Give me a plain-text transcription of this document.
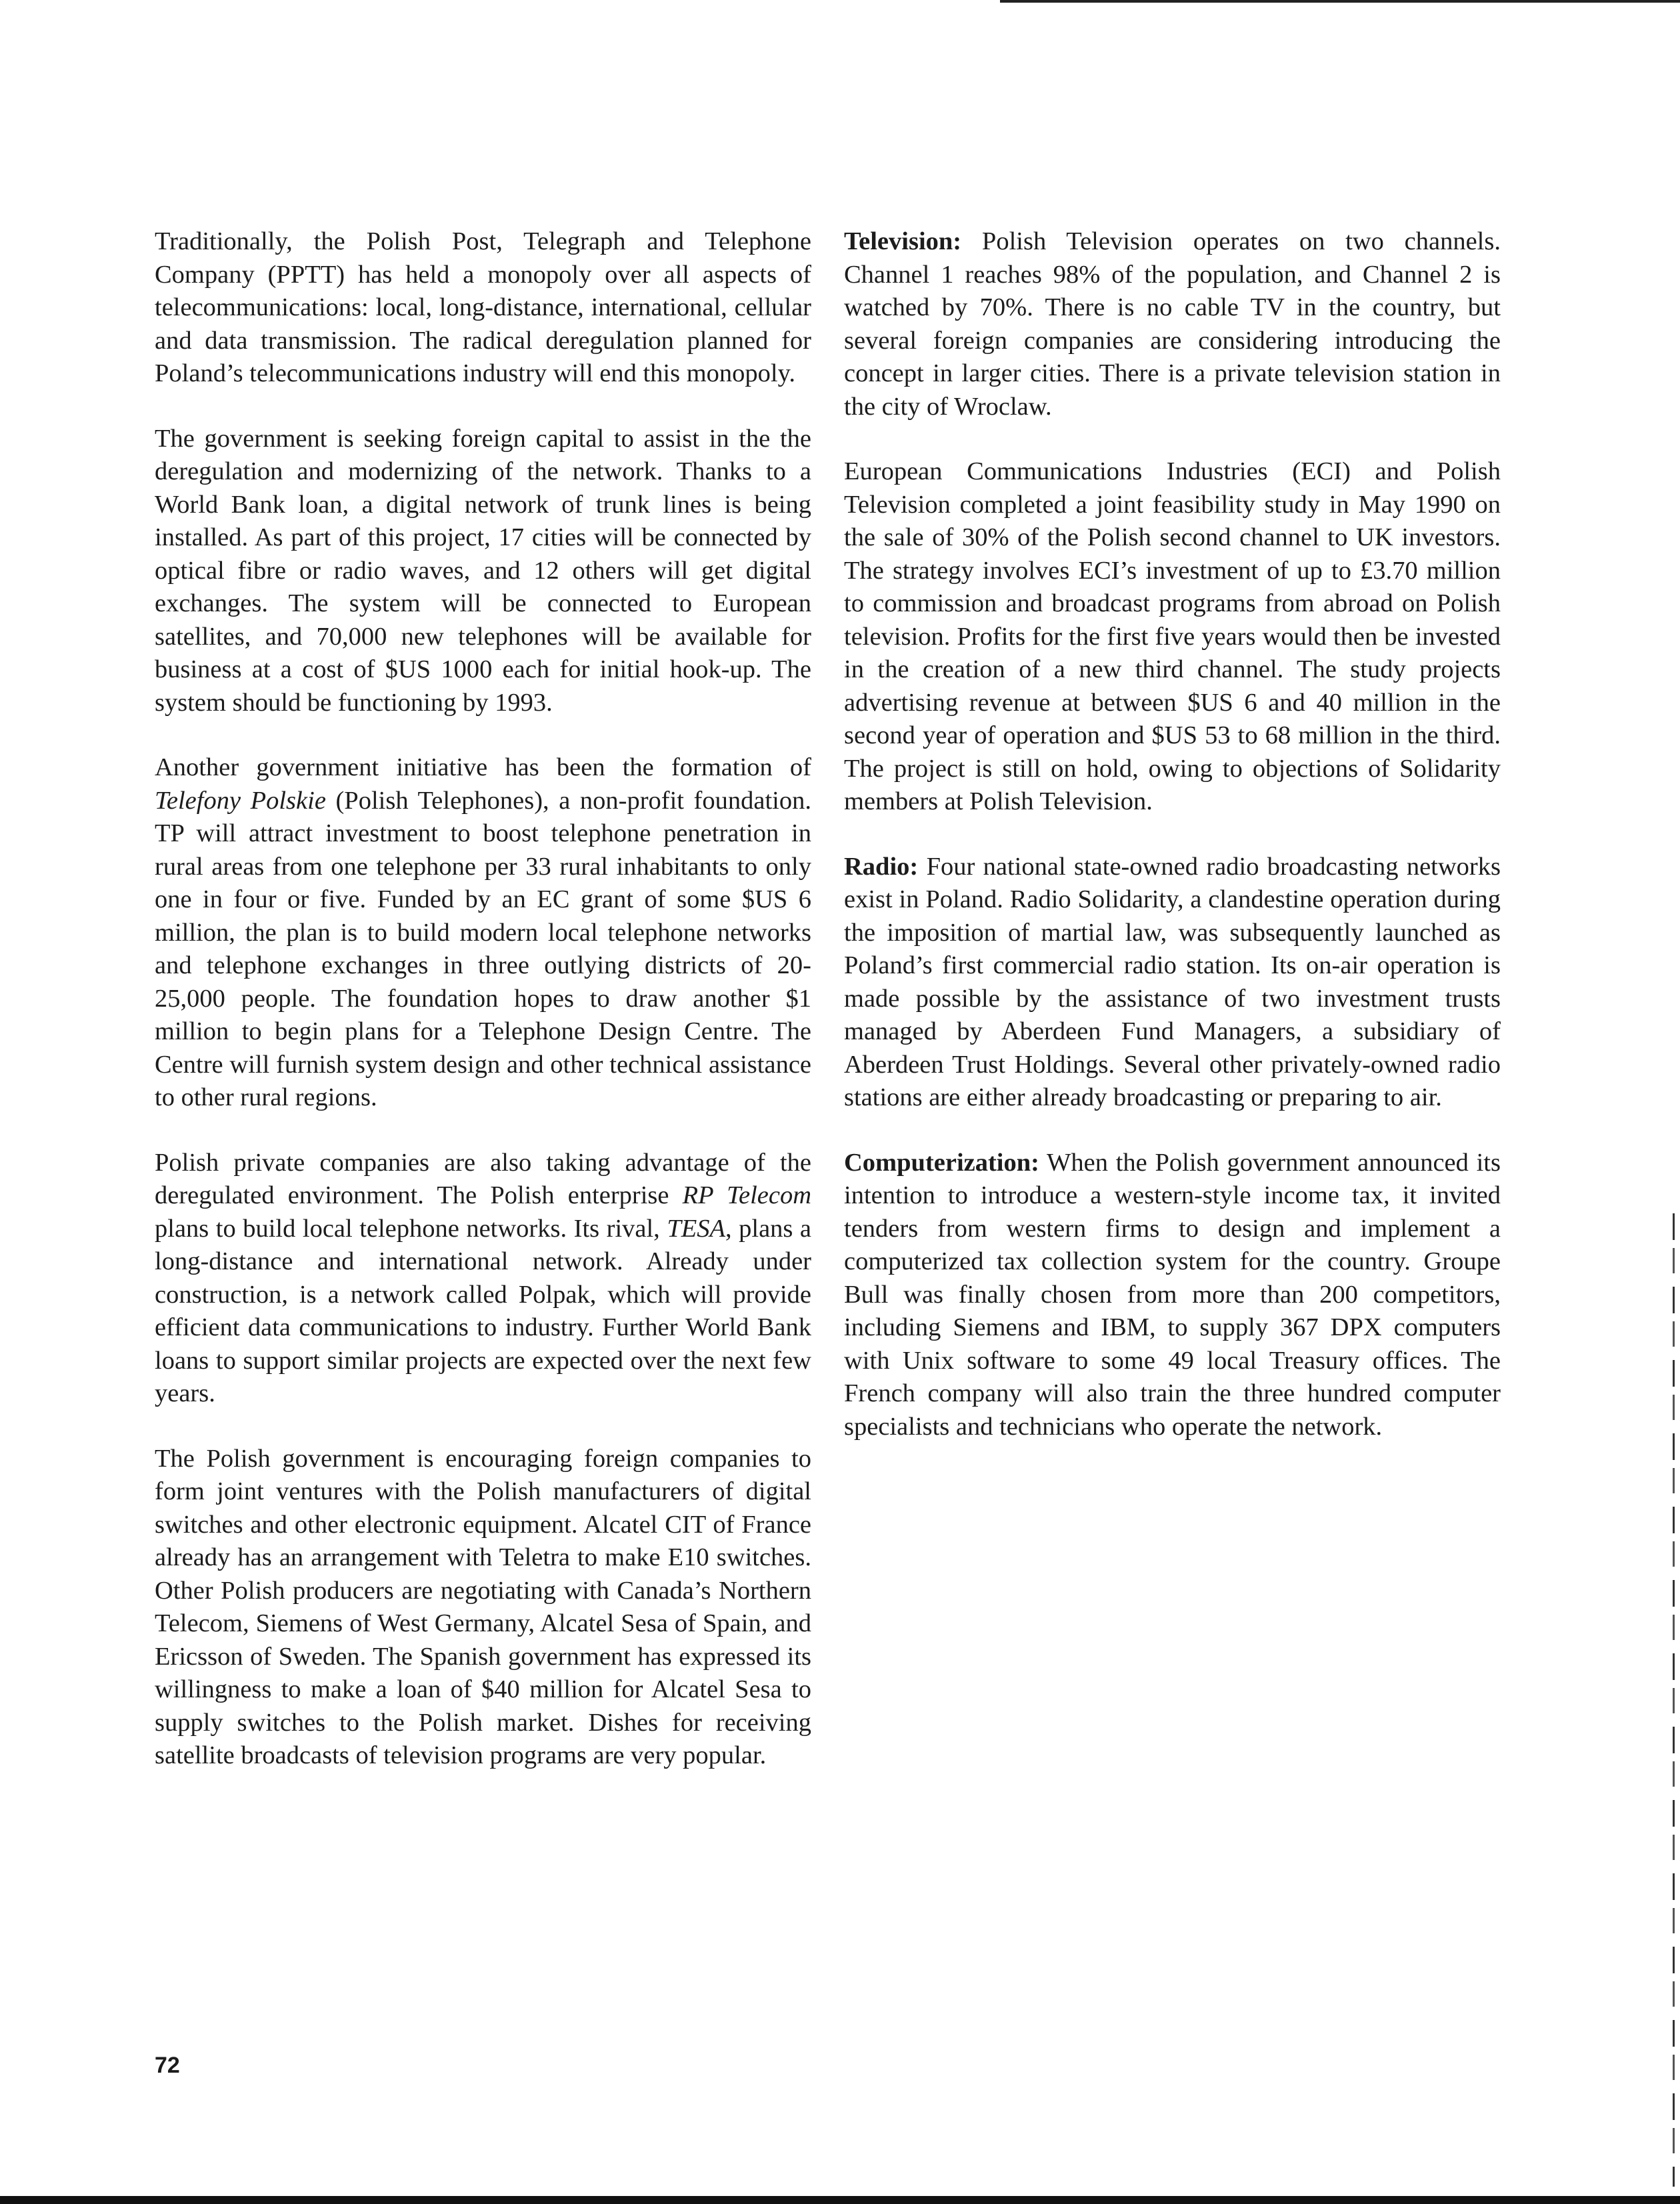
Traditionally, the Polish Post, Telegraph and Telephone Company (PPTT) has held a monopoly over all aspects of telecommunications: local, long-distance, international, cellular and data transmission. The radical deregulation planned for Poland’s telecommunications industry will end this monopoly.

The government is seeking foreign capital to assist in the the deregulation and modernizing of the network. Thanks to a World Bank loan, a digital network of trunk lines is being installed. As part of this project, 17 cities will be connected by optical fibre or radio waves, and 12 others will get digital exchanges. The system will be connected to European satellites, and 70,000 new telephones will be available for business at a cost of $US 1000 each for initial hook-up. The system should be functioning by 1993.

Another government initiative has been the formation of Telefony Polskie (Polish Telephones), a non-profit foundation. TP will attract investment to boost telephone penetration in rural areas from one telephone per 33 rural inhabitants to only one in four or five. Funded by an EC grant of some $US 6 million, the plan is to build modern local telephone networks and telephone exchanges in three outlying districts of 20-25,000 people. The foundation hopes to draw another $1 million to begin plans for a Telephone Design Centre. The Centre will furnish system design and other technical assistance to other rural regions.

Polish private companies are also taking advantage of the deregulated environment. The Polish enterprise RP Telecom plans to build local telephone networks. Its rival, TESA, plans a long-distance and international network. Already under construction, is a network called Polpak, which will provide efficient data communications to industry. Further World Bank loans to support similar projects are expected over the next few years.

The Polish government is encouraging foreign companies to form joint ventures with the Polish manufacturers of digital switches and other electronic equipment. Alcatel CIT of France already has an arrangement with Teletra to make E10 switches. Other Polish producers are negotiating with Canada’s Northern Telecom, Siemens of West Germany, Alcatel Sesa of Spain, and Ericsson of Sweden. The Spanish government has expressed its willingness to make a loan of $40 million for Alcatel Sesa to supply switches to the Polish market. Dishes for receiving satellite broadcasts of television programs are very popular.

Television: Polish Television operates on two channels. Channel 1 reaches 98% of the population, and Channel 2 is watched by 70%. There is no cable TV in the country, but several foreign companies are considering introducing the concept in larger cities. There is a private television station in the city of Wroclaw.

European Communications Industries (ECI) and Polish Television completed a joint feasibility study in May 1990 on the sale of 30% of the Polish second channel to UK investors. The strategy involves ECI’s investment of up to £3.70 million to commission and broadcast programs from abroad on Polish television. Profits for the first five years would then be invested in the creation of a new third channel. The study projects advertising revenue at between $US 6 and 40 million in the second year of operation and $US 53 to 68 million in the third. The project is still on hold, owing to objections of Solidarity members at Polish Television.

Radio: Four national state-owned radio broadcasting networks exist in Poland. Radio Solidarity, a clandestine operation during the imposition of martial law, was subsequently launched as Poland’s first commercial radio station. Its on-air operation is made possible by the assistance of two investment trusts managed by Aberdeen Fund Managers, a subsidiary of Aberdeen Trust Holdings. Several other privately-owned radio stations are either already broadcasting or preparing to air.

Computerization: When the Polish government announced its intention to introduce a western-style income tax, it invited tenders from western firms to design and implement a computerized tax collection system for the country. Groupe Bull was finally chosen from more than 200 competitors, including Siemens and IBM, to supply 367 DPX computers with Unix software to some 49 local Treasury offices. The French company will also train the three hundred computer specialists and technicians who operate the network.

72
